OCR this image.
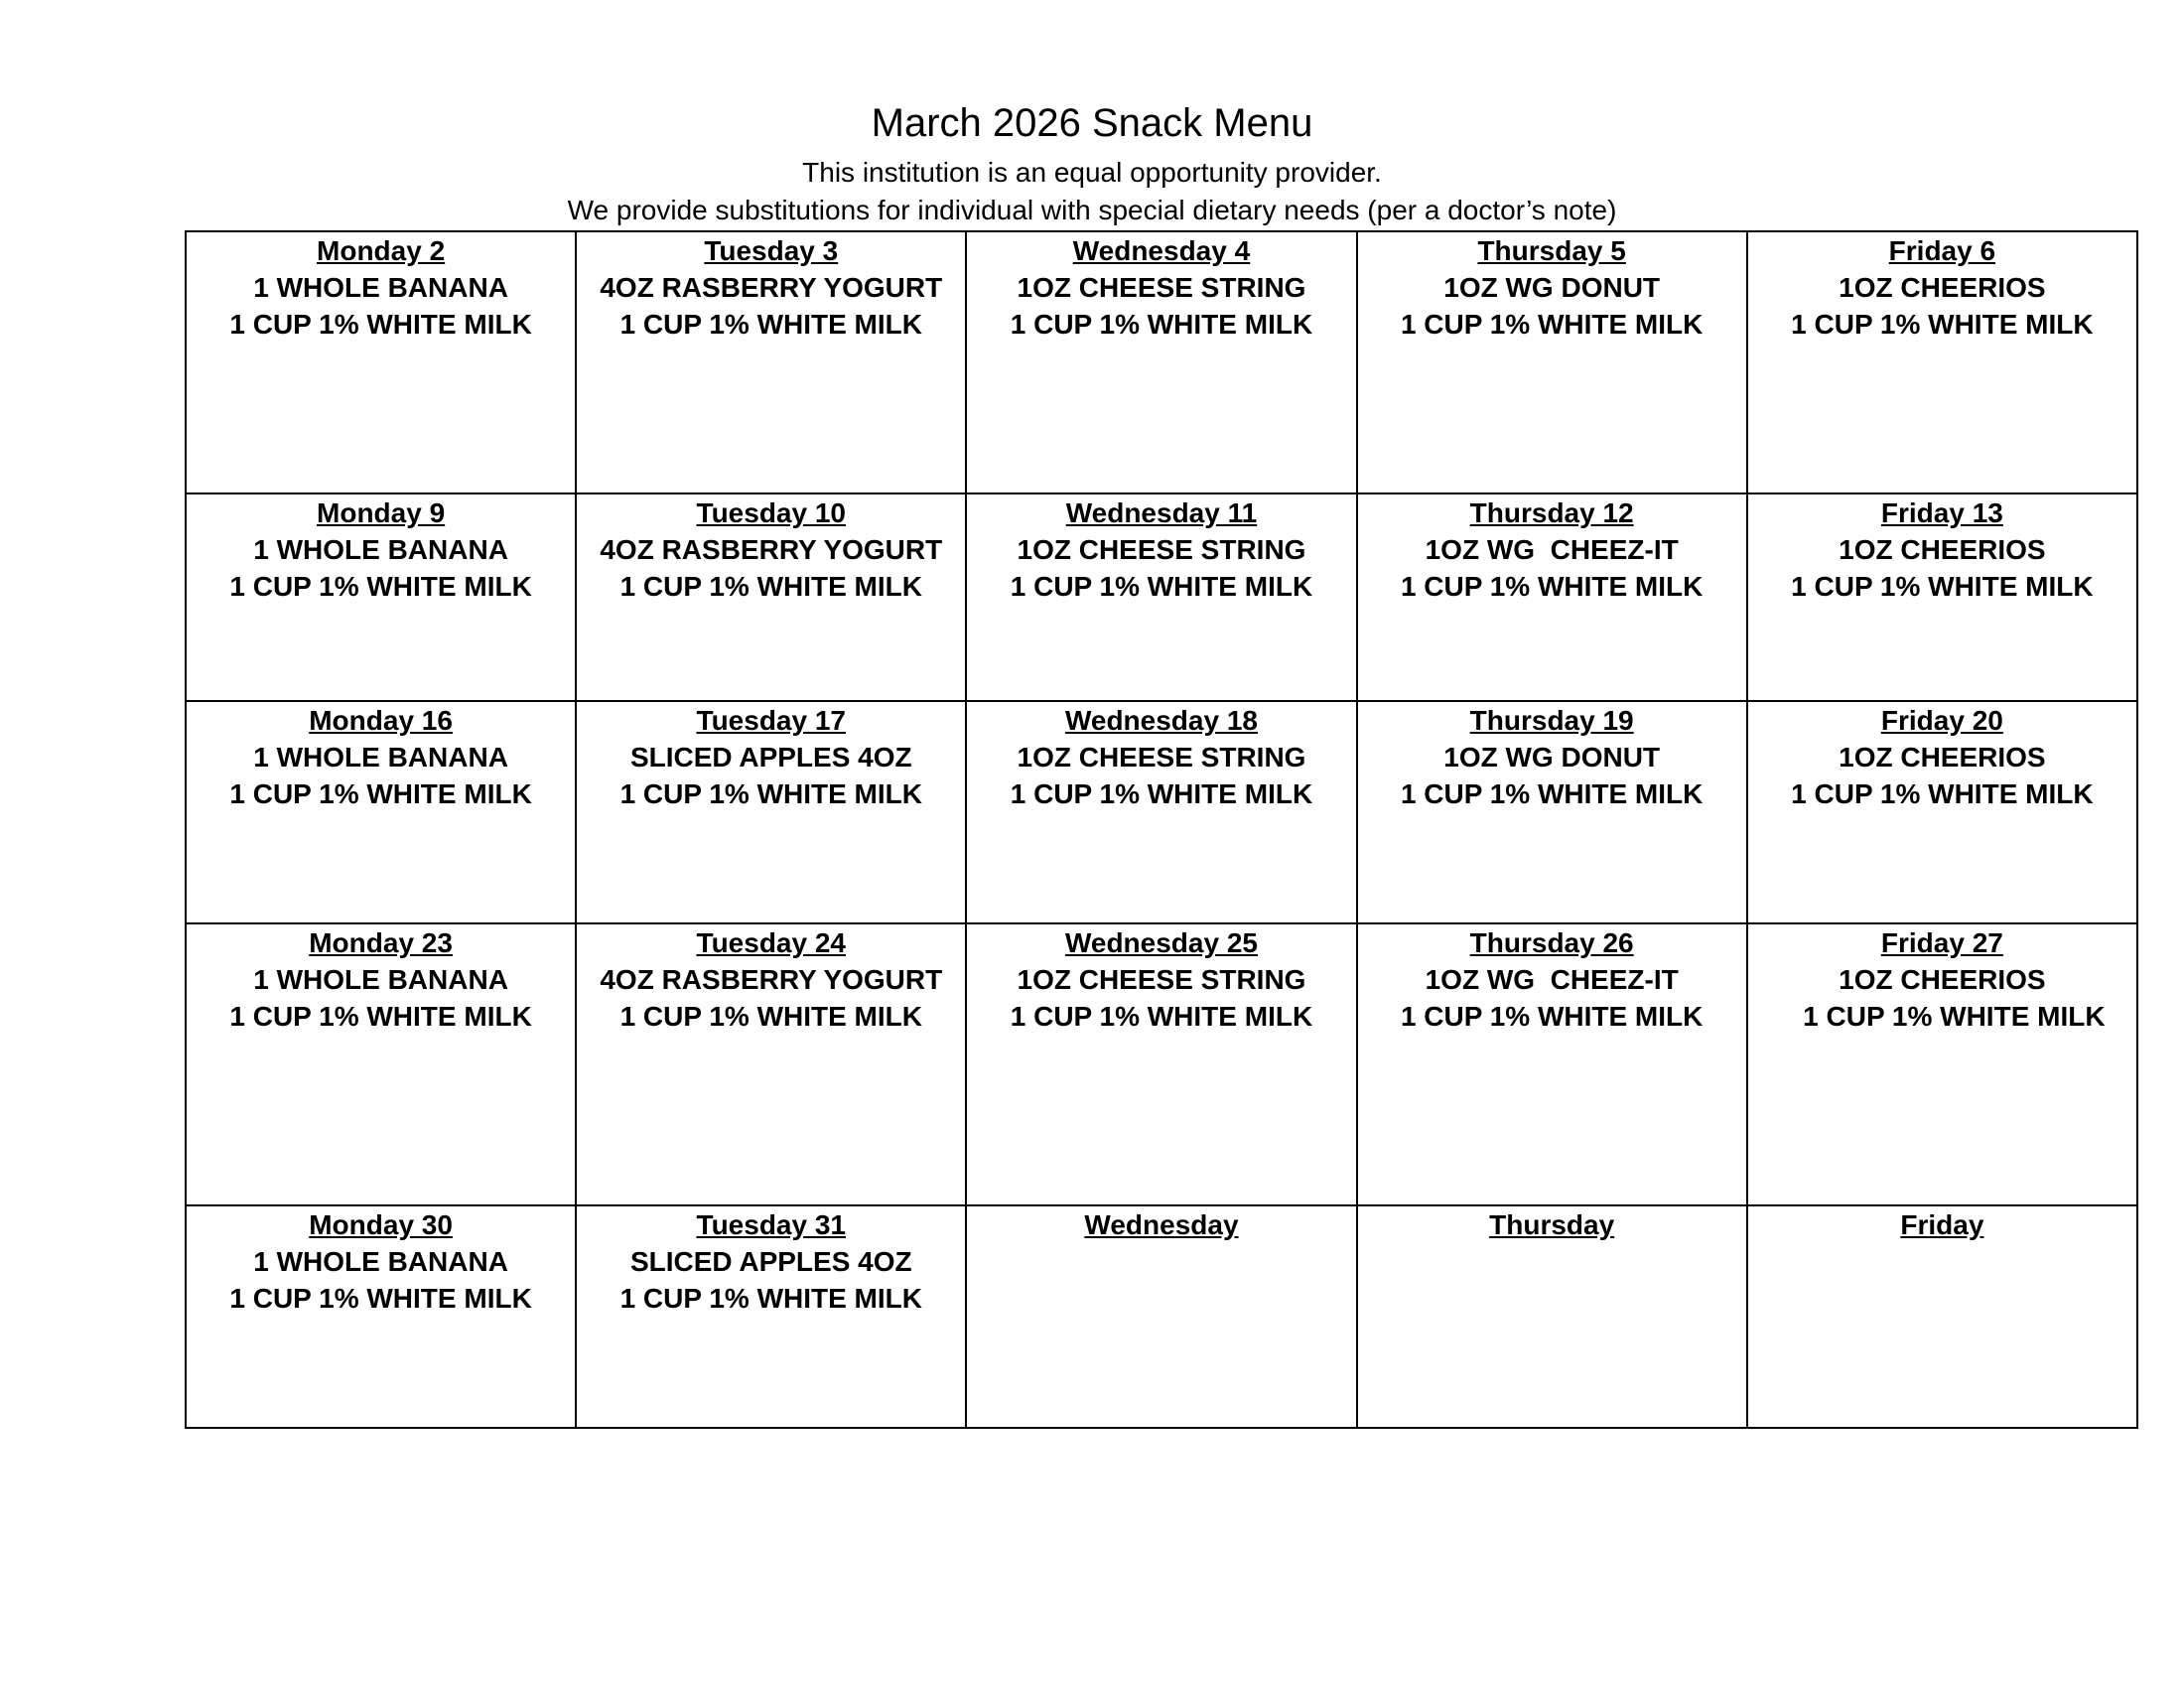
March 2026 Snack Menu
This institution is an equal opportunity provider.
We provide substitutions for individual with special dietary needs (per a doctor’s note)
Monday 2
1 WHOLE BANANA
1 CUP 1% WHITE MILK	Tuesday 3
4OZ RASBERRY YOGURT
1 CUP 1% WHITE MILK	Wednesday 4
1OZ CHEESE STRING
1 CUP 1% WHITE MILK	Thursday 5
1OZ WG DONUT
1 CUP 1% WHITE MILK	Friday 6
1OZ CHEERIOS
1 CUP 1% WHITE MILK

Monday 9
1 WHOLE BANANA
1 CUP 1% WHITE MILK	Tuesday 10
4OZ RASBERRY YOGURT
1 CUP 1% WHITE MILK	Wednesday 11
1OZ CHEESE STRING
1 CUP 1% WHITE MILK	Thursday 12
1OZ WG  CHEEZ-IT
1 CUP 1% WHITE MILK	Friday 13
1OZ CHEERIOS
1 CUP 1% WHITE MILK

Monday 16
1 WHOLE BANANA
1 CUP 1% WHITE MILK	Tuesday 17
SLICED APPLES 4OZ
1 CUP 1% WHITE MILK	Wednesday 18
1OZ CHEESE STRING
1 CUP 1% WHITE MILK	Thursday 19
1OZ WG DONUT
1 CUP 1% WHITE MILK	Friday 20
1OZ CHEERIOS
1 CUP 1% WHITE MILK

Monday 23
1 WHOLE BANANA
1 CUP 1% WHITE MILK	Tuesday 24
4OZ RASBERRY YOGURT
1 CUP 1% WHITE MILK	Wednesday 25
1OZ CHEESE STRING
1 CUP 1% WHITE MILK	Thursday 26
1OZ WG  CHEEZ-IT
1 CUP 1% WHITE MILK	Friday 27
1OZ CHEERIOS
1 CUP 1% WHITE MILK

Monday 30
1 WHOLE BANANA
1 CUP 1% WHITE MILK	Tuesday 31
SLICED APPLES 4OZ
1 CUP 1% WHITE MILK	Wednesday	Thursday	Friday
